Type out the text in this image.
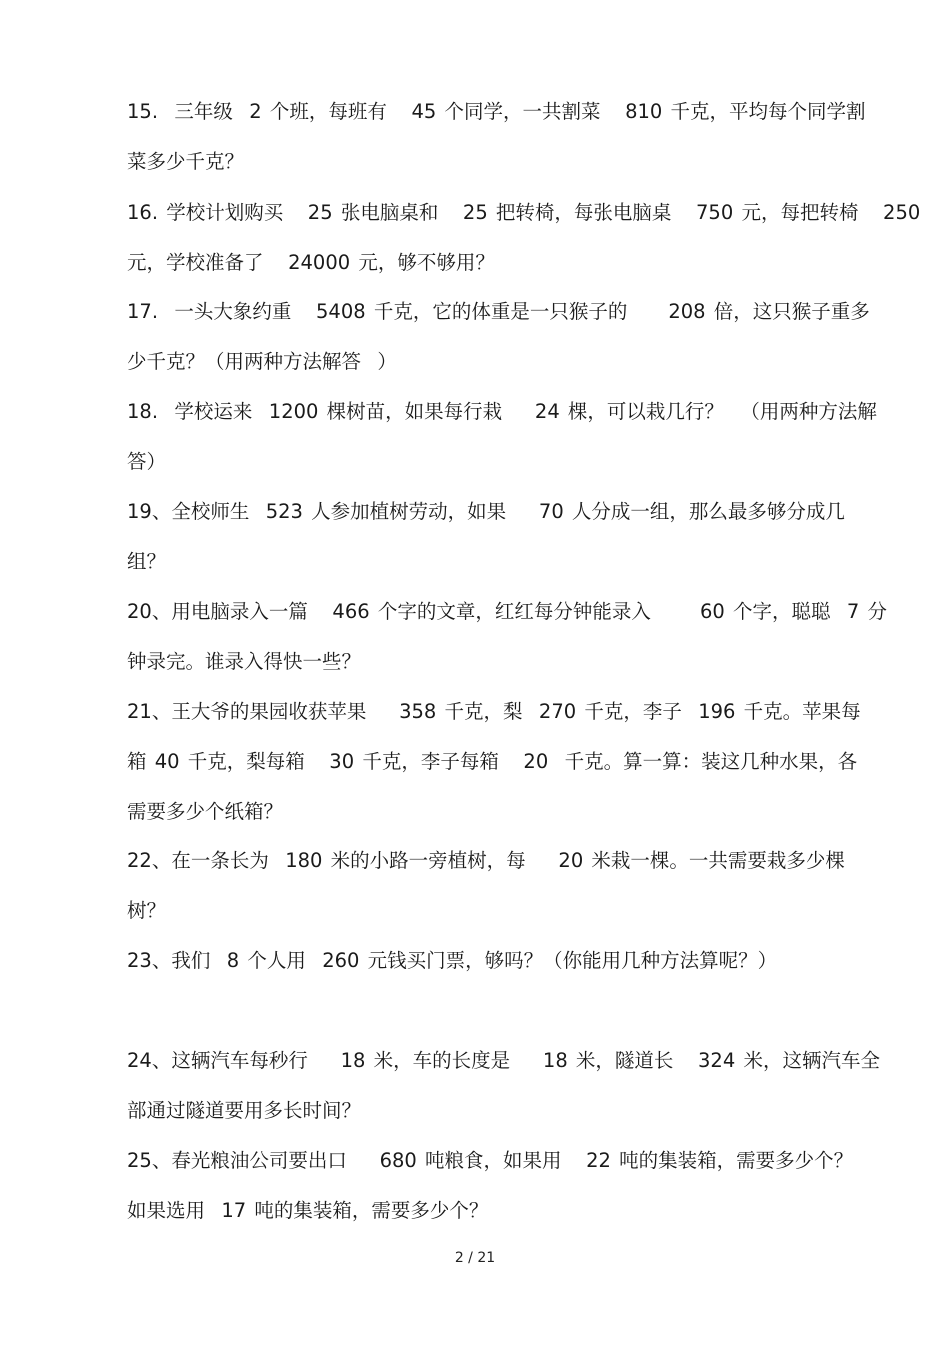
15.  三年级  2 个班，每班有   45 个同学，一共割菜   810 千克，平均每个同学割
菜多少千克？
16. 学校计划购买   25 张电脑桌和   25 把转椅，每张电脑桌   750 元，每把转椅   250
元，学校准备了   24000 元，够不够用？
17.  一头大象约重   5408 千克，它的体重是一只猴子的     208 倍，这只猴子重多
少千克？（用两种方法解答  ）
18.  学校运来  1200 棵树苗，如果每行栽    24 棵，可以栽几行？  （用两种方法解
答）
19、全校师生  523 人参加植树劳动，如果    70 人分成一组，那么最多够分成几
组？
20、用电脑录入一篇   466 个字的文章，红红每分钟能录入      60 个字，聪聪  7 分
钟录完。谁录入得快一些？
21、王大爷的果园收获苹果    358 千克，梨  270 千克，李子  196 千克。苹果每
箱 40 千克，梨每箱   30 千克，李子每箱   20  千克。算一算：装这几种水果，各
需要多少个纸箱？
22、在一条长为  180 米的小路一旁植树，每    20 米栽一棵。一共需要栽多少棵
树？
23、我们  8 个人用  260 元钱买门票，够吗？（你能用几种方法算呢？）
24、这辆汽车每秒行    18 米，车的长度是    18 米，隧道长   324 米，这辆汽车全
部通过隧道要用多长时间？
25、春光粮油公司要出口    680 吨粮食，如果用   22 吨的集装箱，需要多少个？
如果选用  17 吨的集装箱，需要多少个？
2 / 21
